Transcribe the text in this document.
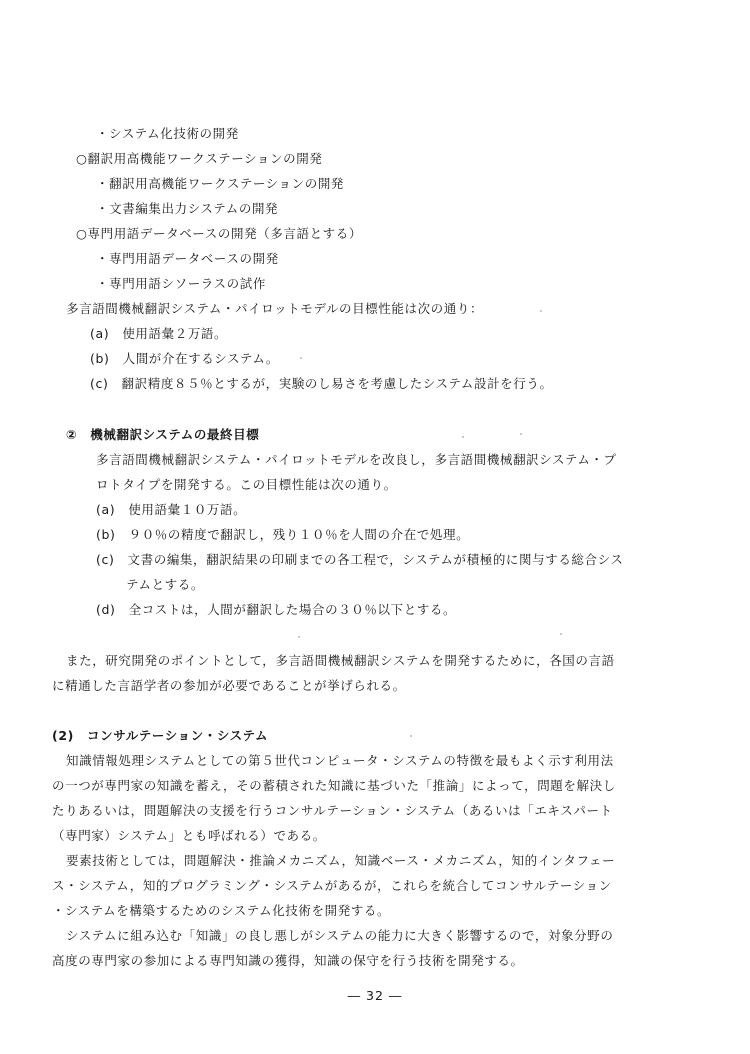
・システム化技術の開発
○翻訳用高機能ワークステーションの開発
・翻訳用高機能ワークステーションの開発
・文書編集出力システムの開発
○専門用語データベースの開発（多言語とする）
・専門用語データベースの開発
・専門用語シソーラスの試作
多言語間機械翻訳システム・パイロットモデルの目標性能は次の通り：
(a)　使用語彙２万語。
(b)　人間が介在するシステム。
(c)　翻訳精度８５％とするが，実験のし易さを考慮したシステム設計を行う。
②　機械翻訳システムの最終目標
多言語間機械翻訳システム・パイロットモデルを改良し，多言語間機械翻訳システム・プ
ロトタイプを開発する。この目標性能は次の通り。
(a)　使用語彙１０万語。
(b)　９０％の精度で翻訳し，残り１０％を人間の介在で処理。
(c)　文書の編集，翻訳結果の印刷までの各工程で，システムが積極的に関与する総合シス
テムとする。
(d)　全コストは，人間が翻訳した場合の３０％以下とする。
また，研究開発のポイントとして，多言語間機械翻訳システムを開発するために，各国の言語
に精通した言語学者の参加が必要であることが挙げられる。
(2)　コンサルテーション・システム
知識情報処理システムとしての第５世代コンピュータ・システムの特徴を最もよく示す利用法
の一つが専門家の知識を蓄え，その蓄積された知識に基づいた「推論」によって，問題を解決し
たりあるいは，問題解決の支援を行うコンサルテーション・システム（あるいは「エキスパート
（専門家）システム」とも呼ばれる）である。
要素技術としては，問題解決・推論メカニズム，知識ベース・メカニズム，知的インタフェー
ス・システム，知的プログラミング・システムがあるが，これらを統合してコンサルテーション
・システムを構築するためのシステム化技術を開発する。
システムに組み込む「知識」の良し悪しがシステムの能力に大きく影響するので，対象分野の
高度の専門家の参加による専門知識の獲得，知識の保守を行う技術を開発する。
― 32 ―
